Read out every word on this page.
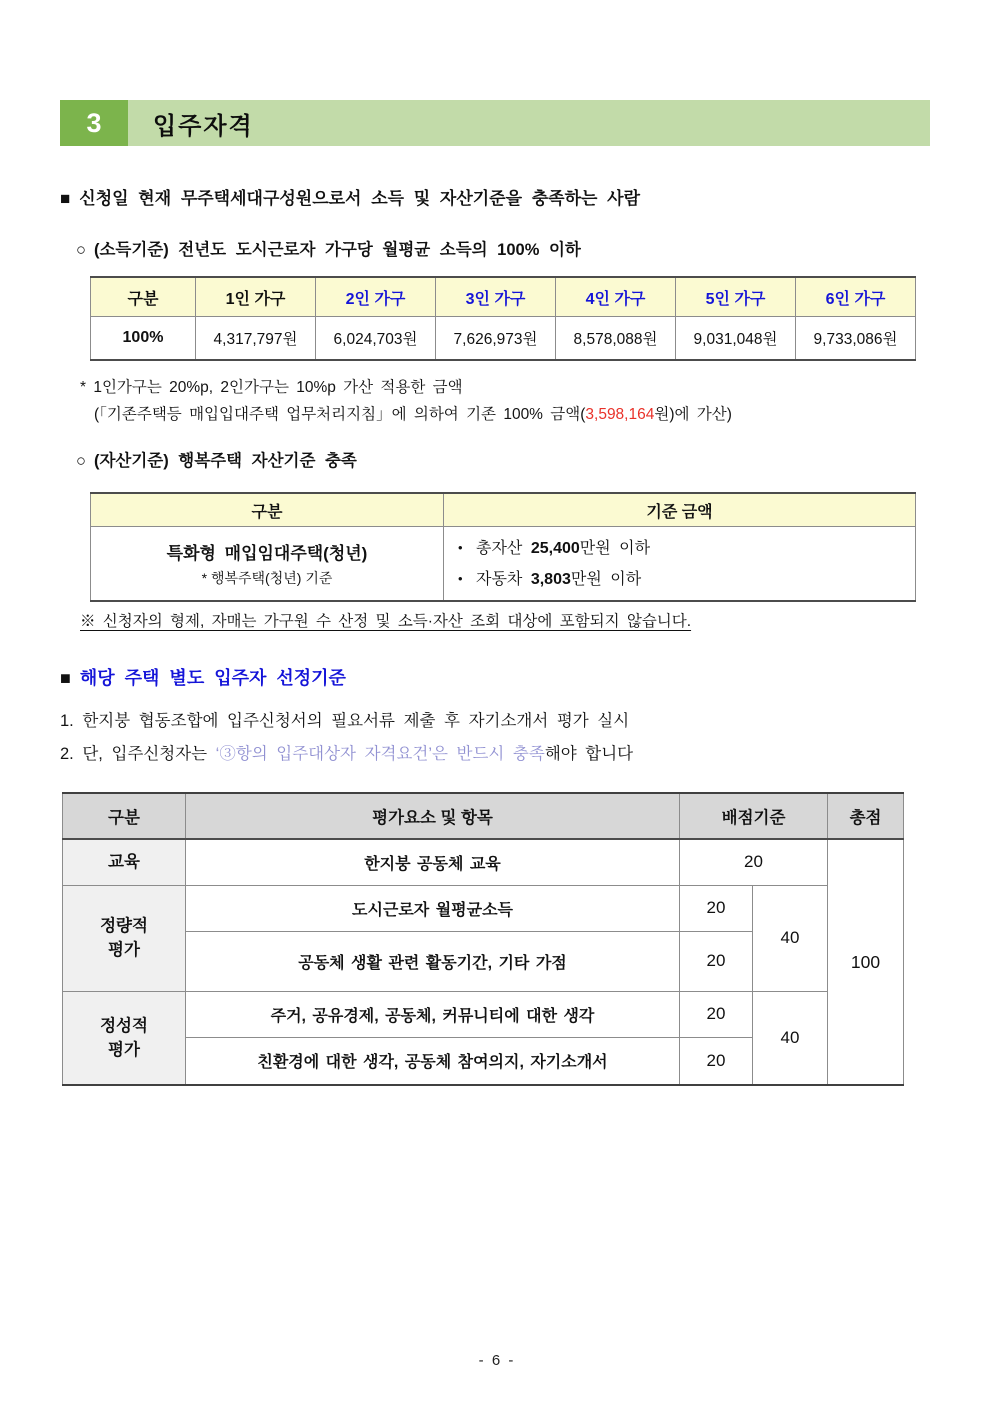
3	입주자격
■ 신청일 현재 무주택세대구성원으로서 소득 및 자산기준을 충족하는 사람
○ (소득기준) 전년도 도시근로자 가구당 월평균 소득의 100% 이하
구분	1인 가구	2인 가구	3인 가구	4인 가구	5인 가구	6인 가구
100%	4,317,797원	6,024,703원	7,626,973원	8,578,088원	9,031,048원	9,733,086원
* 1인가구는 20%p, 2인가구는 10%p 가산 적용한 금액
(「기존주택등 매입입대주택 업무처리지침」에 의하여 기존 100% 금액(3,598,164원)에 가산)
○ (자산기준) 행복주택 자산기준 충족
구분	기준 금액

특화형 매입임대주택(청년)
* 행복주택(청년) 기준

• 총자산 25,400만원 이하
• 자동차 3,803만원 이하
※ 신청자의 형제, 자매는 가구원 수 산정 및 소득·자산 조회 대상에 포함되지 않습니다.
■ 해당 주택 별도 입주자 선정기준
1. 한지붕 협동조합에 입주신청서의 필요서류 제출 후 자기소개서 평가 실시
2. 단, 입주신청자는 ‘③항의 입주대상자 자격요건’은 반드시 충족해야 합니다
구분	평가요소 및 항목	배점기준		총점
교육	한지붕 공동체 교육	20		100

정량적
평가	도시근로자 월평균소득	20	40	
	공동체 생활 관련 활동기간, 기타 가점	20		

정성적
평가	주거, 공유경제, 공동체, 커뮤니티에 대한 생각	20	40	
	친환경에 대한 생각, 공동체 참여의지, 자기소개서	20		
- 6 -
